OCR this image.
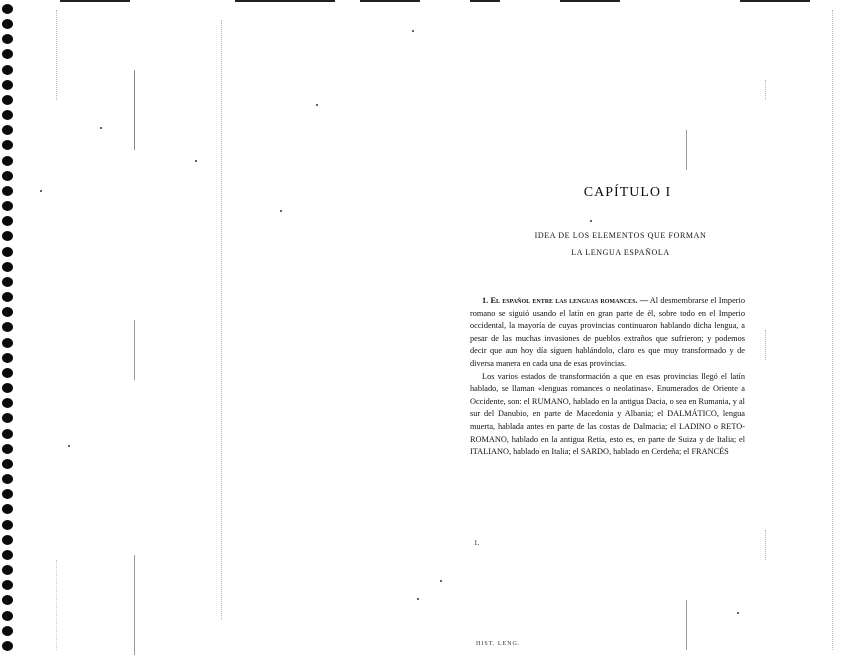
CAPÍTULO I
IDEA DE LOS ELEMENTOS QUE FORMAN
LA LENGUA ESPAÑOLA

1. El español entre las lenguas romances. — Al desmembrarse el Imperio romano se siguió usando el latín en gran parte de él, sobre todo en el Imperio occidental, la mayoría de cuyas provincias continuaron hablando dicha lengua, a pesar de las muchas invasiones de pueblos extraños que sufrieron; y podemos decir que aun hoy día siguen hablándolo, claro es que muy transformado y de diversa manera en cada una de esas provincias.

Los varios estados de transformación a que en esas provincias llegó el latín hablado, se llaman «lenguas romances o neolatinas». Enumerados de Oriente a Occidente, son: el RUMANO, hablado en la antigua Dacia, o sea en Rumania, y al sur del Danubio, en parte de Macedonia y Albania; el DALMÁTICO, lengua muerta, hablada antes en parte de las costas de Dalmacia; el LADINO o RETO-ROMANO, hablado en la antigua Retia, esto es, en parte de Suiza y de Italia; el ITALIANO, hablado en Italia; el SARDO, hablado en Cerdeña; el FRANCÉS

1.
HIST. LENG.
